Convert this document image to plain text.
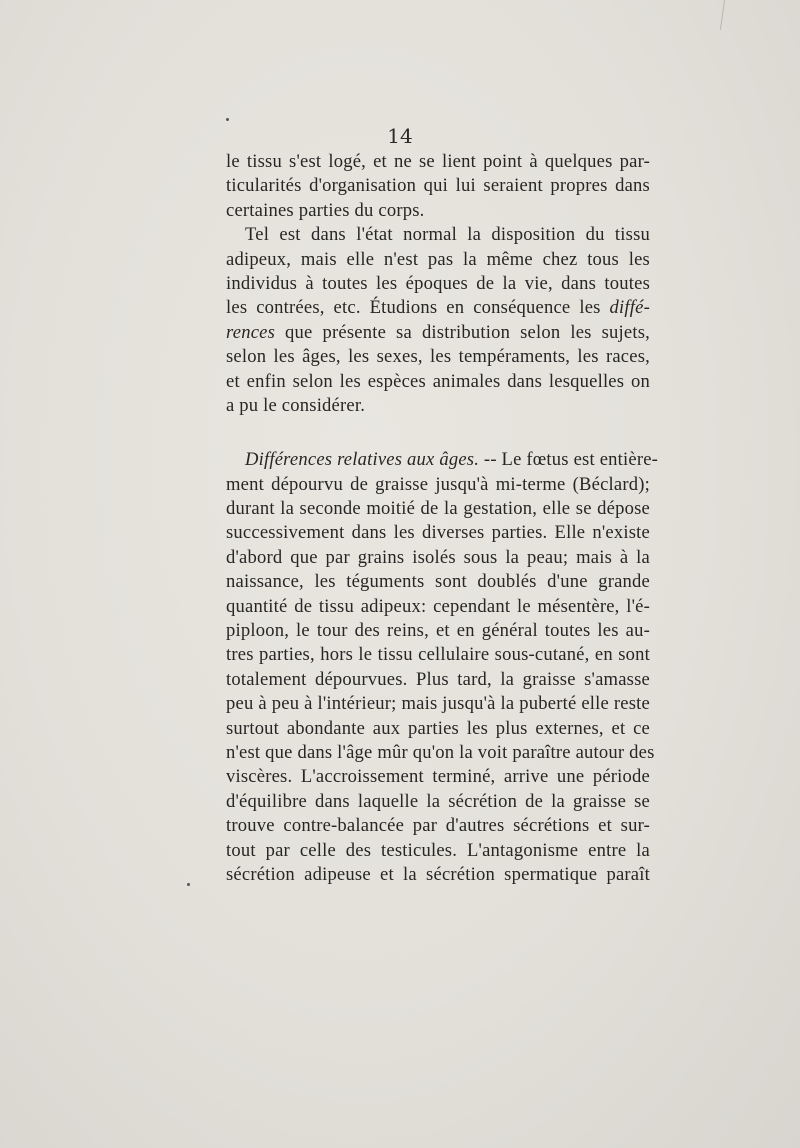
14
le tissu s'est logé, et ne se lient point à quelques par-
ticularités d'organisation qui lui seraient propres dans
certaines parties du corps.
Tel est dans l'état normal la disposition du tissu
adipeux, mais elle n'est pas la même chez tous les
individus à toutes les époques de la vie, dans toutes
les contrées, etc. Étudions en conséquence les diffé-
rences que présente sa distribution selon les sujets,
selon les âges, les sexes, les tempéraments, les races,
et enfin selon les espèces animales dans lesquelles on
a pu le considérer.
Différences relatives aux âges. -- Le fœtus est entière-
ment dépourvu de graisse jusqu'à mi-terme (Béclard);
durant la seconde moitié de la gestation, elle se dépose
successivement dans les diverses parties. Elle n'existe
d'abord que par grains isolés sous la peau; mais à la
naissance, les téguments sont doublés d'une grande
quantité de tissu adipeux: cependant le mésentère, l'é-
piploon, le tour des reins, et en général toutes les au-
tres parties, hors le tissu cellulaire sous-cutané, en sont
totalement dépourvues. Plus tard, la graisse s'amasse
peu à peu à l'intérieur; mais jusqu'à la puberté elle reste
surtout abondante aux parties les plus externes, et ce
n'est que dans l'âge mûr qu'on la voit paraître autour des
viscères. L'accroissement terminé, arrive une période
d'équilibre dans laquelle la sécrétion de la graisse se
trouve contre-balancée par d'autres sécrétions et sur-
tout par celle des testicules. L'antagonisme entre la
sécrétion adipeuse et la sécrétion spermatique paraît
